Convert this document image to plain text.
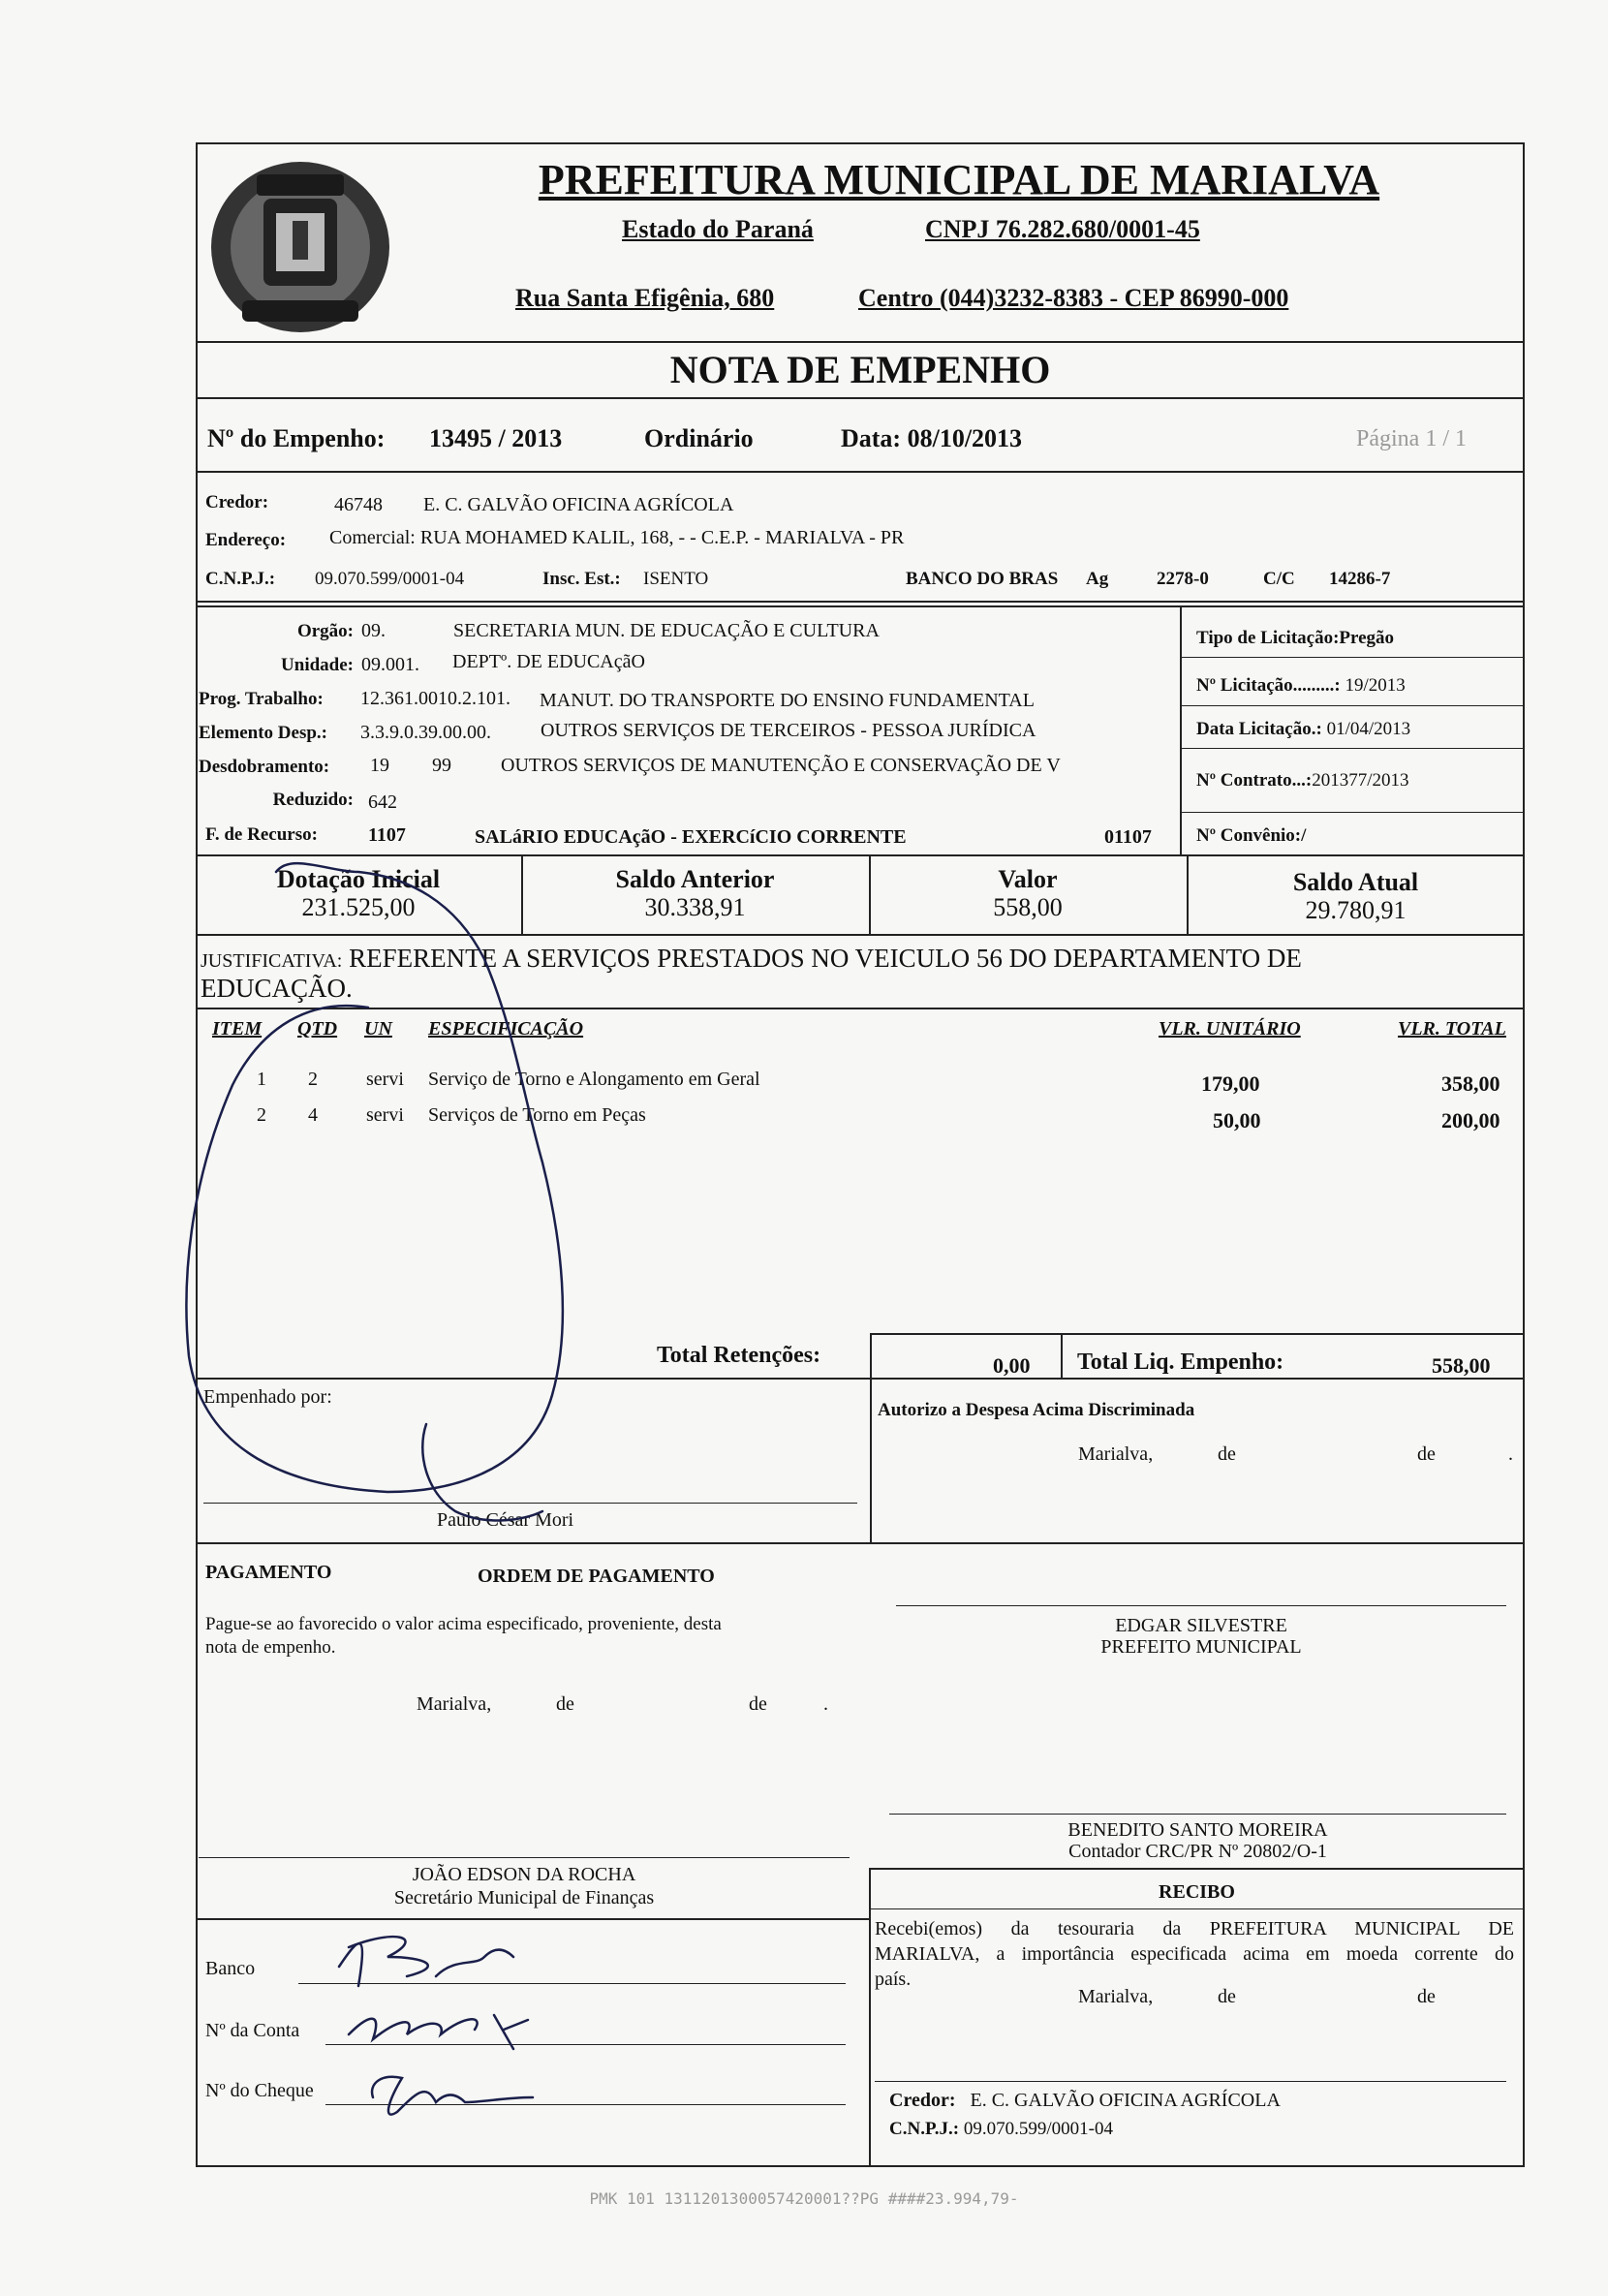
PREFEITURA MUNICIPAL DE MARIALVA
Estado do Paraná	CNPJ 76.282.680/0001-45
Rua Santa Efigênia, 680	Centro (044)3232-8383 - CEP 86990-000
NOTA DE EMPENHO
Nº do Empenho: 13495 / 2013	Ordinário	Data: 08/10/2013	Página 1 / 1
Credor:	46748 E. C. GALVÃO OFICINA AGRÍCOLA
Endereço: Comercial: RUA MOHAMED KALIL, 168, - - C.E.P. - MARIALVA - PR
C.N.P.J.: 09.070.599/0001-04	Insc. Est.: ISENTO	BANCO DO BRAS Ag	2278-0	C/C 14286-7
Orgão: 09.	SECRETARIA MUN. DE EDUCAÇÃO E CULTURA
Unidade: 09.001. DEPTº. DE EDUCAçãO
Prog. Trabalho: 12.361.0010.2.101. MANUT. DO TRANSPORTE DO ENSINO FUNDAMENTAL
Elemento Desp.: 3.3.9.0.39.00.00.	OUTROS SERVIÇOS DE TERCEIROS - PESSOA JURÍDICA
Desdobramento: 19 99	OUTROS SERVIÇOS DE MANUTENÇÃO E CONSERVAÇÃO DE V
Reduzido: 642
F. de Recurso:	1107	SALáRIO EDUCAçãO - EXERCíCIO CORRENTE	01107
Tipo de Licitação:Pregão
Nº Licitação.........: 19/2013
Data Licitação.: 01/04/2013
Nº Contrato...:201377/2013
Nº Convênio:/
Dotação Inicial
231.525,00
Saldo Anterior
30.338,91
Valor
558,00
Saldo Atual
29.780,91
JUSTIFICATIVA: REFERENTE A SERVIÇOS PRESTADOS NO VEICULO 56 DO DEPARTAMENTO DE
EDUCAÇÃO.
ITEM QTD UN ESPECIFICAÇÃO	VLR. UNITÁRIO	VLR. TOTAL
1 2	servi Serviço de Torno e Alongamento em Geral	179,00	358,00
2 4	servi Serviços de Torno em Peças	50,00	200,00
Total Retenções:	0,00 Total Liq. Empenho:	558,00
Empenhado por:
Paulo César Mori
Autorizo a Despesa Acima Discriminada
Marialva,	de	de	.
PAGAMENTO	ORDEM DE PAGAMENTO
Pague-se ao favorecido o valor acima especificado, proveniente, desta
nota de empenho.
Marialva,	de	de	.
EDGAR SILVESTRE
PREFEITO MUNICIPAL
BENEDITO SANTO MOREIRA
Contador CRC/PR Nº 20802/O-1
JOÃO EDSON DA ROCHA
Secretário Municipal de Finanças	RECIBO
Recebi(emos) da tesouraria da PREFEITURA MUNICIPAL DE
MARIALVA, a importância especificada acima em moeda corrente do
país.
Marialva,	de	de
Credor: E. C. GALVÃO OFICINA AGRÍCOLA
C.N.P.J.: 09.070.599/0001-04
Banco
Nº da Conta
Nº do Cheque
PMK 101 1311201300057420001??PG ####23.994,79-
